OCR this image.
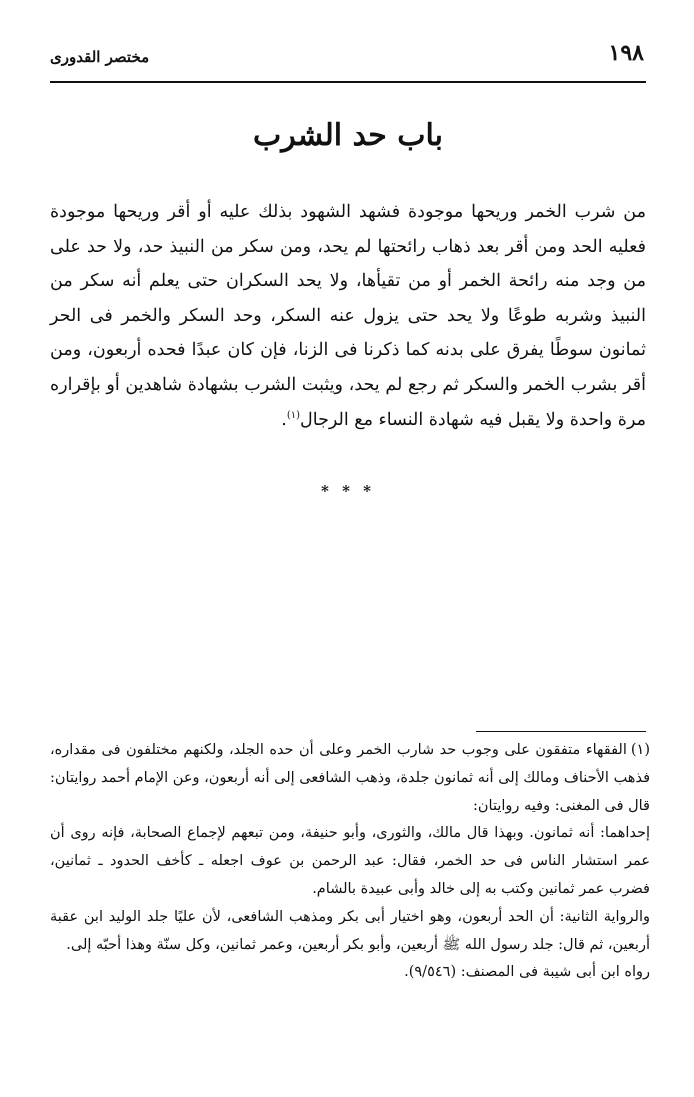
١٩٨
مختصر القدورى
باب حد الشرب

من شرب الخمر وريحها موجودة فشهد الشهود بذلك عليه أو أقر وريحها موجودة فعليه الحد ومن أقر بعد ذهاب رائحتها لم يحد، ومن سكر من النبيذ حد، ولا حد على من وجد منه رائحة الخمر أو من تقيأها، ولا يحد السكران حتى يعلم أنه سكر من النبيذ وشربه طوعًا ولا يحد حتى يزول عنه السكر، وحد السكر والخمر فى الحر ثمانون سوطًا يفرق على بدنه كما ذكرنا فى الزنا، فإن كان عبدًا فحده أربعون، ومن أقر بشرب الخمر والسكر ثم رجع لم يحد، ويثبت الشرب بشهادة شاهدين أو بإقراره مرة واحدة ولا يقبل فيه شهادة النساء مع الرجال$^{(١)}$.

* * *

(١)الفقهاء متفقون على وجوب حد شارب الخمر وعلى أن حده الجلد، ولكنهم مختلفون فى مقداره، فذهب الأحناف ومالك إلى أنه ثمانون جلدة، وذهب الشافعى إلى أنه أربعون، وعن الإمام أحمد روايتان: قال فى المغنى: وفيه روايتان:

إحداهما: أنه ثمانون. وبهذا قال مالك، والثورى، وأبو حنيفة، ومن تبعهم لإجماع الصحابة، فإنه روى أن عمر استشار الناس فى حد الخمر، فقال: عبد الرحمن بن عوف اجعله ـ كأخف الحدود ـ ثمانين، فضرب عمر ثمانين وكتب به إلى خالد وأبى عبيدة بالشام.

والرواية الثانية: أن الحد أربعون، وهو اختيار أبى بكر ومذهب الشافعى، لأن عليًا جلد الوليد ابن عقبة أربعين، ثم قال: جلد رسول الله ﷺ أربعين، وأبو بكر أربعين، وعمر ثمانين، وكل سنّة وهذا أحبّه إلى.

رواه ابن أبى شيبة فى المصنف: (٩/٥٤٦).
